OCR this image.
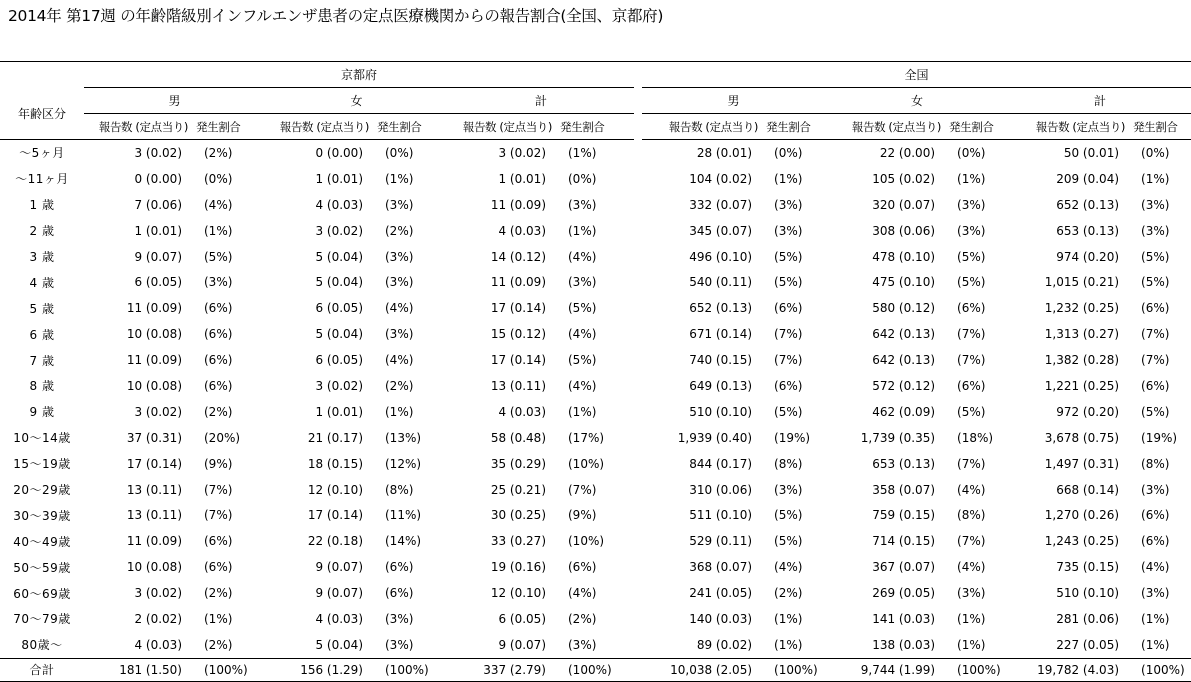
2014年 第17週 の年齢階級別インフルエンザ患者の定点医療機関からの報告割合(全国、京都府)
	京都府							全国					
年齢区分	男		女		計			男		女		計	
	報告数 (定点当り)	発生割合	報告数 (定点当り)	発生割合	報告数 (定点当り)	発生割合		報告数 (定点当り)	発生割合	報告数 (定点当り)	発生割合	報告数 (定点当り)	発生割合
〜5ヶ月	3 (0.02)	(2%)	0 (0.00)	(0%)	3 (0.02)	(1%)		28 (0.01)	(0%)	22 (0.00)	(0%)	50 (0.01)	(0%)
〜11ヶ月	0 (0.00)	(0%)	1 (0.01)	(1%)	1 (0.01)	(0%)		104 (0.02)	(1%)	105 (0.02)	(1%)	209 (0.04)	(1%)
1 歳	7 (0.06)	(4%)	4 (0.03)	(3%)	11 (0.09)	(3%)		332 (0.07)	(3%)	320 (0.07)	(3%)	652 (0.13)	(3%)
2 歳	1 (0.01)	(1%)	3 (0.02)	(2%)	4 (0.03)	(1%)		345 (0.07)	(3%)	308 (0.06)	(3%)	653 (0.13)	(3%)
3 歳	9 (0.07)	(5%)	5 (0.04)	(3%)	14 (0.12)	(4%)		496 (0.10)	(5%)	478 (0.10)	(5%)	974 (0.20)	(5%)
4 歳	6 (0.05)	(3%)	5 (0.04)	(3%)	11 (0.09)	(3%)		540 (0.11)	(5%)	475 (0.10)	(5%)	1,015 (0.21)	(5%)
5 歳	11 (0.09)	(6%)	6 (0.05)	(4%)	17 (0.14)	(5%)		652 (0.13)	(6%)	580 (0.12)	(6%)	1,232 (0.25)	(6%)
6 歳	10 (0.08)	(6%)	5 (0.04)	(3%)	15 (0.12)	(4%)		671 (0.14)	(7%)	642 (0.13)	(7%)	1,313 (0.27)	(7%)
7 歳	11 (0.09)	(6%)	6 (0.05)	(4%)	17 (0.14)	(5%)		740 (0.15)	(7%)	642 (0.13)	(7%)	1,382 (0.28)	(7%)
8 歳	10 (0.08)	(6%)	3 (0.02)	(2%)	13 (0.11)	(4%)		649 (0.13)	(6%)	572 (0.12)	(6%)	1,221 (0.25)	(6%)
9 歳	3 (0.02)	(2%)	1 (0.01)	(1%)	4 (0.03)	(1%)		510 (0.10)	(5%)	462 (0.09)	(5%)	972 (0.20)	(5%)
10〜14歳	37 (0.31)	(20%)	21 (0.17)	(13%)	58 (0.48)	(17%)		1,939 (0.40)	(19%)	1,739 (0.35)	(18%)	3,678 (0.75)	(19%)
15〜19歳	17 (0.14)	(9%)	18 (0.15)	(12%)	35 (0.29)	(10%)		844 (0.17)	(8%)	653 (0.13)	(7%)	1,497 (0.31)	(8%)
20〜29歳	13 (0.11)	(7%)	12 (0.10)	(8%)	25 (0.21)	(7%)		310 (0.06)	(3%)	358 (0.07)	(4%)	668 (0.14)	(3%)
30〜39歳	13 (0.11)	(7%)	17 (0.14)	(11%)	30 (0.25)	(9%)		511 (0.10)	(5%)	759 (0.15)	(8%)	1,270 (0.26)	(6%)
40〜49歳	11 (0.09)	(6%)	22 (0.18)	(14%)	33 (0.27)	(10%)		529 (0.11)	(5%)	714 (0.15)	(7%)	1,243 (0.25)	(6%)
50〜59歳	10 (0.08)	(6%)	9 (0.07)	(6%)	19 (0.16)	(6%)		368 (0.07)	(4%)	367 (0.07)	(4%)	735 (0.15)	(4%)
60〜69歳	3 (0.02)	(2%)	9 (0.07)	(6%)	12 (0.10)	(4%)		241 (0.05)	(2%)	269 (0.05)	(3%)	510 (0.10)	(3%)
70〜79歳	2 (0.02)	(1%)	4 (0.03)	(3%)	6 (0.05)	(2%)		140 (0.03)	(1%)	141 (0.03)	(1%)	281 (0.06)	(1%)
80歳〜	4 (0.03)	(2%)	5 (0.04)	(3%)	9 (0.07)	(3%)		89 (0.02)	(1%)	138 (0.03)	(1%)	227 (0.05)	(1%)
合計	181 (1.50)	(100%)	156 (1.29)	(100%)	337 (2.79)	(100%)		10,038 (2.05)	(100%)	9,744 (1.99)	(100%)	19,782 (4.03)	(100%)
